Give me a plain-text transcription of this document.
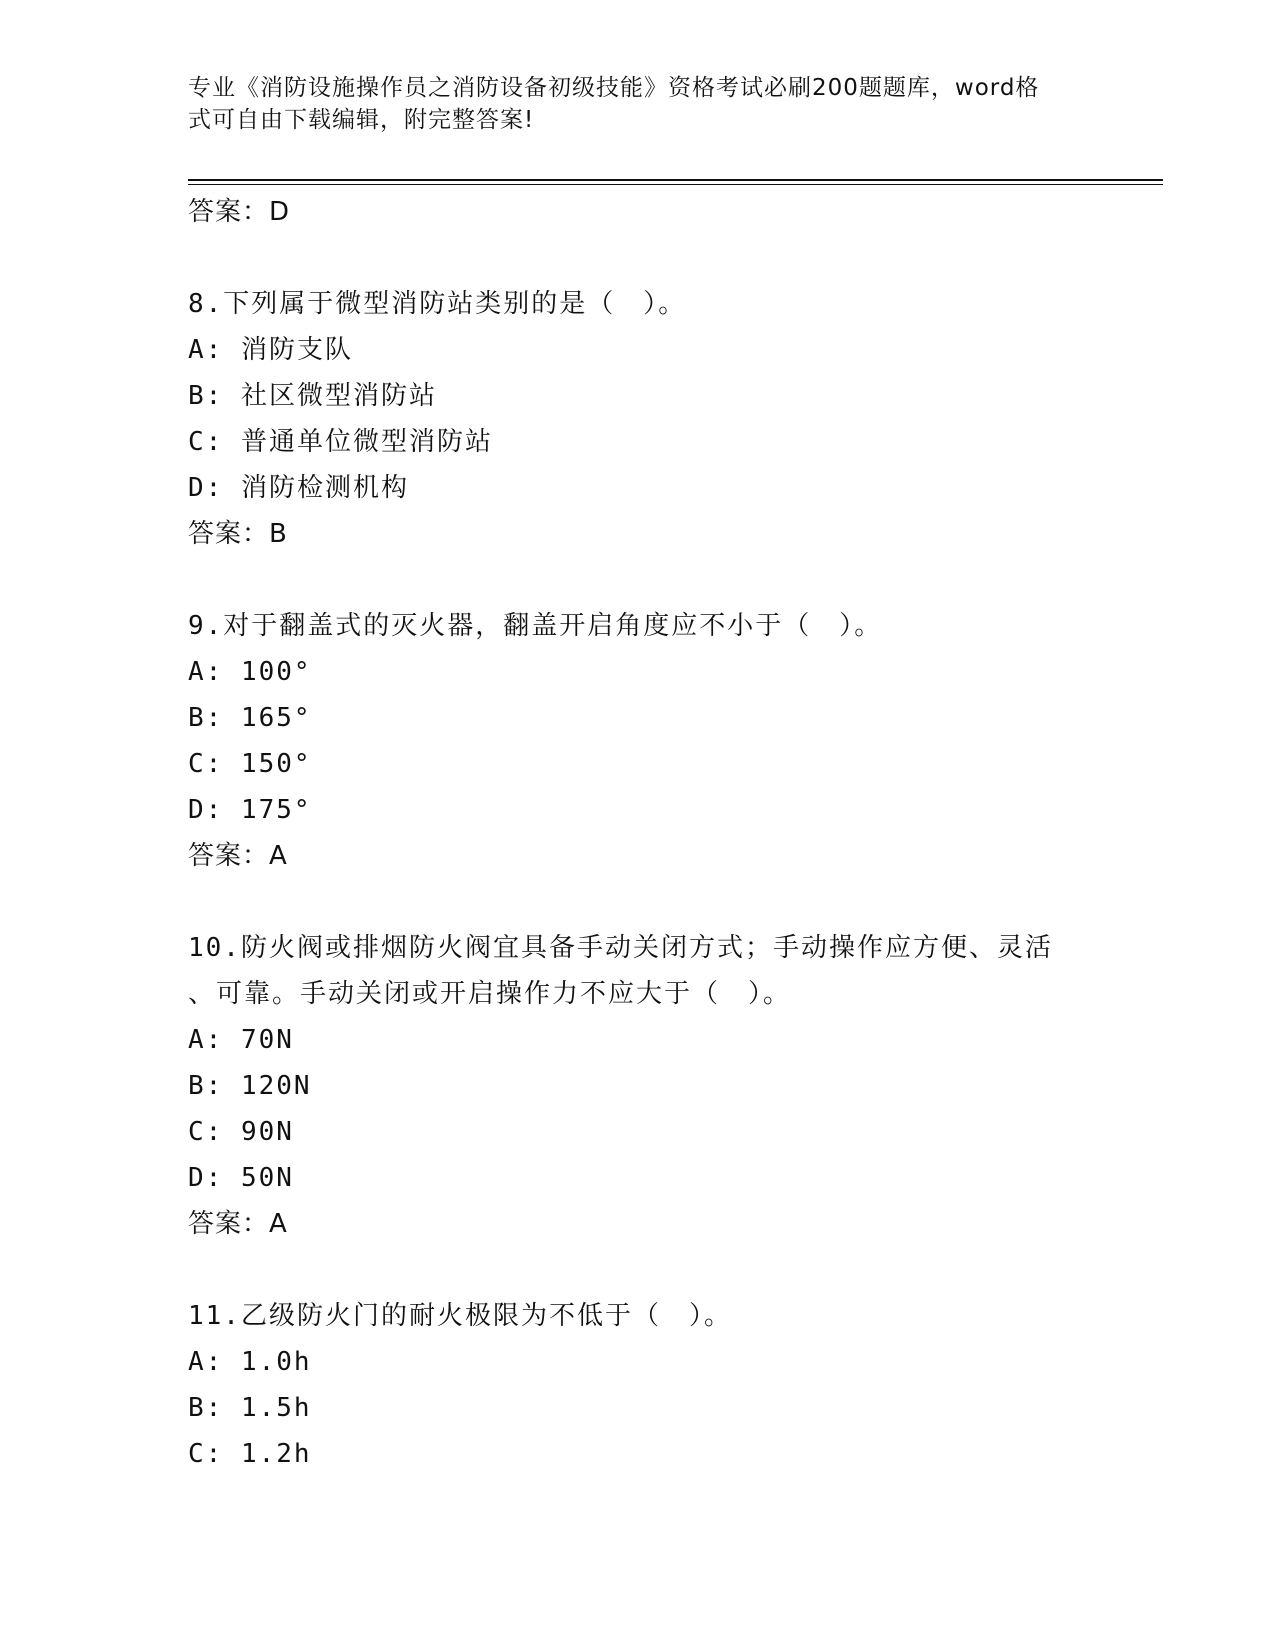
专业《消防设施操作员之消防设备初级技能》资格考试必刷200题题库，word格
式可自由下载编辑，附完整答案!
答案：D
8.下列属于微型消防站类别的是（　）。
A: 消防支队
B: 社区微型消防站
C: 普通单位微型消防站
D: 消防检测机构
答案：B
9.对于翻盖式的灭火器，翻盖开启角度应不小于（　）。
A: 100°
B: 165°
C: 150°
D: 175°
答案：A
10.防火阀或排烟防火阀宜具备手动关闭方式；手动操作应方便、灵活
、可靠。手动关闭或开启操作力不应大于（　）。
A: 70N
B: 120N
C: 90N
D: 50N
答案：A
11.乙级防火门的耐火极限为不低于（　）。
A: 1.0h
B: 1.5h
C: 1.2h
